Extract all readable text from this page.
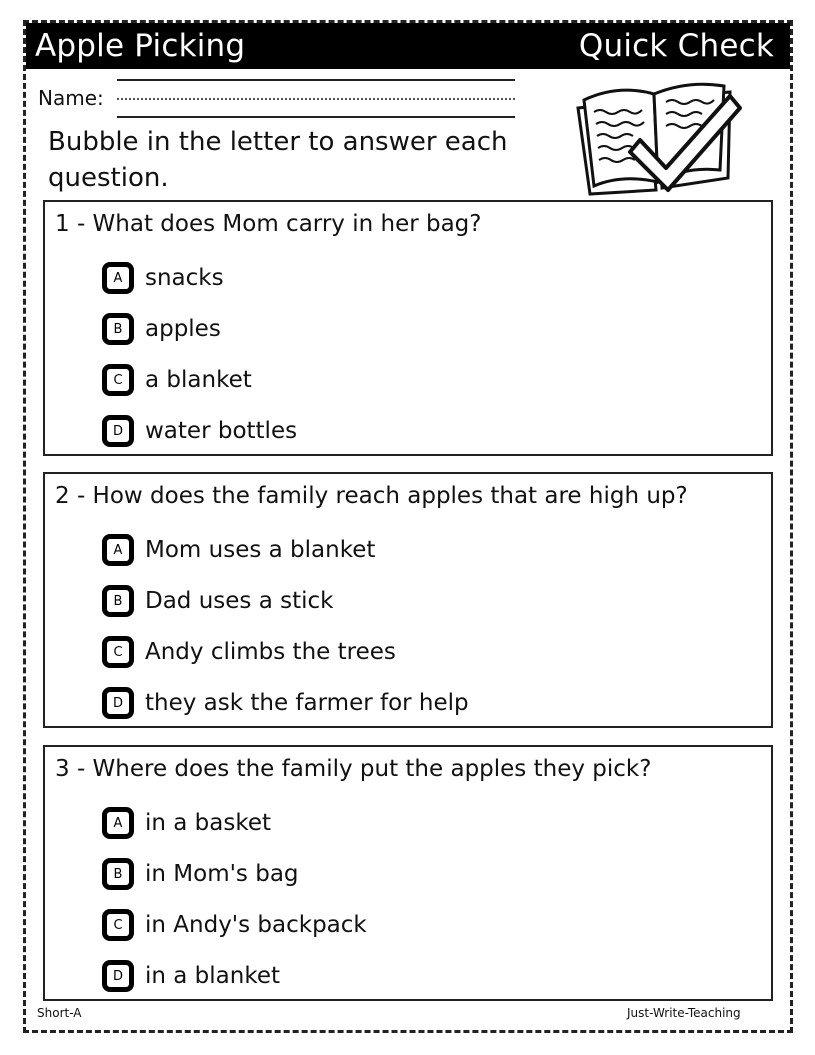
Apple Picking	Quick Check
Name:
Bubble in the letter to answer each question.
1 - What does Mom carry in her bag?
A snacks
B apples
C a blanket
D water bottles
2 - How does the family reach apples that are high up?
A Mom uses a blanket
B Dad uses a stick
C Andy climbs the trees
D they ask the farmer for help
3 - Where does the family put the apples they pick?
A in a basket
B in Mom's bag
C in Andy's backpack
D in a blanket
Short-A	Just-Write-Teaching
